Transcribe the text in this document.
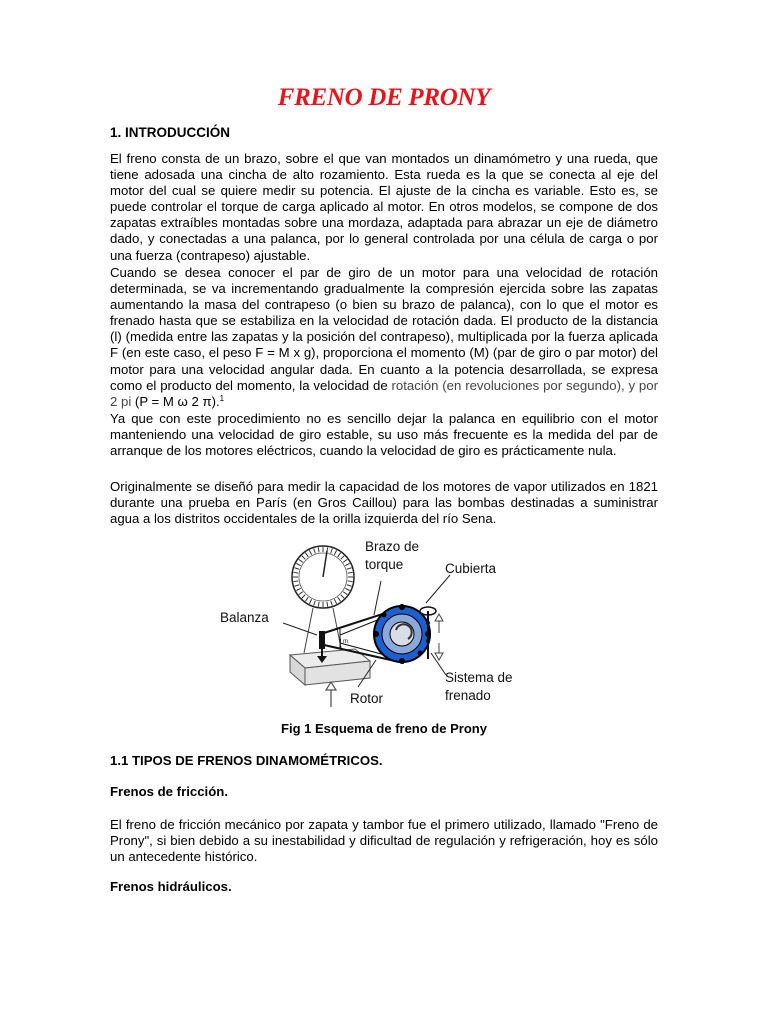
FRENO DE PRONY
1. INTRODUCCIÓN

El freno consta de un brazo, sobre el que van montados un dinamómetro y una rueda, que tiene adosada una cincha de alto rozamiento. Esta rueda es la que se conecta al eje del motor del cual se quiere medir su potencia. El ajuste de la cincha es variable. Esto es, se puede controlar el torque de carga aplicado al motor. En otros modelos, se compone de dos zapatas extraíbles montadas sobre una mordaza, adaptada para abrazar un eje de diámetro dado, y conectadas a una palanca, por lo general controlada por una célula de carga o por una fuerza (contrapeso) ajustable.

Cuando se desea conocer el par de giro de un motor para una velocidad de rotación determinada, se va incrementando gradualmente la compresión ejercida sobre las zapatas aumentando la masa del contrapeso (o bien su brazo de palanca), con lo que el motor es frenado hasta que se estabiliza en la velocidad de rotación dada. El producto de la distancia (l) (medida entre las zapatas y la posición del contrapeso), multiplicada por la fuerza aplicada F (en este caso, el peso F = M x g), proporciona el momento (M) (par de giro o par motor) del motor para una velocidad angular dada. En cuanto a la potencia desarrollada, se expresa como el producto del momento, la velocidad de rotación (en revoluciones por segundo), y por 2 pi (P = M ω 2 π).$^1$

Ya que con este procedimiento no es sencillo dejar la palanca en equilibrio con el motor manteniendo una velocidad de giro estable, su uso más frecuente es la medida del par de arranque de los motores eléctricos, cuando la velocidad de giro es prácticamente nula.

Originalmente se diseñó para medir la capacidad de los motores de vapor utilizados en 1821 durante una prueba en París (en Gros Caillou) para las bombas destinadas a suministrar agua a los distritos occidentales de la orilla izquierda del río Sena.

Brazo de
torque	Cubierta
Balanza
l m
Rotor
Sistema de
frenado
Fig 1 Esquema de freno de Prony
1.1 TIPOS DE FRENOS DINAMOMÉTRICOS.
Frenos de fricción.

El freno de fricción mecánico por zapata y tambor fue el primero utilizado, llamado "Freno de Prony", si bien debido a su inestabilidad y dificultad de regulación y refrigeración, hoy es sólo un antecedente histórico.

Frenos hidráulicos.
